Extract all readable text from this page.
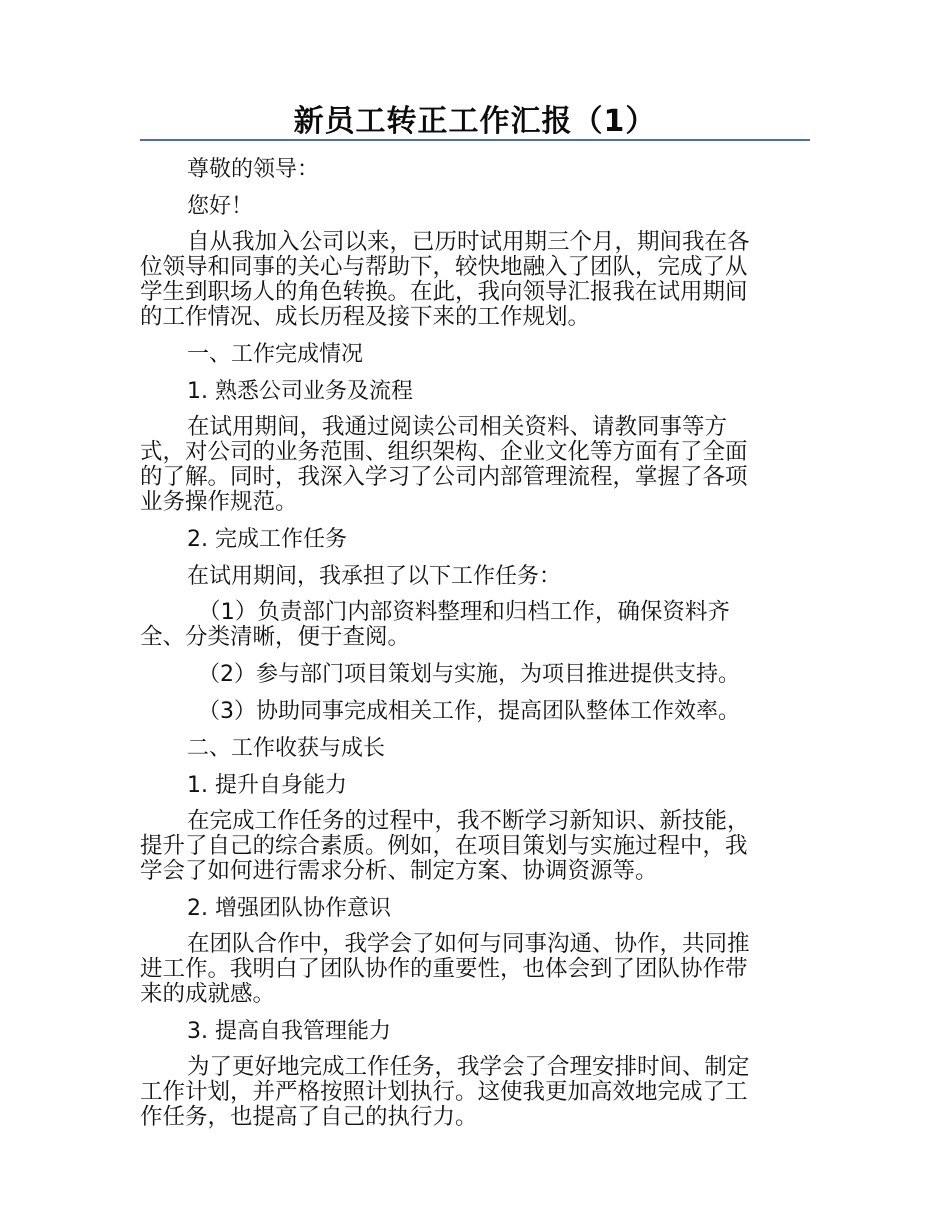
新员工转正工作汇报（1）
尊敬的领导：
您好！
自从我加入公司以来，已历时试用期三个月，期间我在各
位领导和同事的关心与帮助下，较快地融入了团队，完成了从
学生到职场人的角色转换。在此，我向领导汇报我在试用期间
的工作情况、成长历程及接下来的工作规划。
一、工作完成情况
1. 熟悉公司业务及流程
在试用期间，我通过阅读公司相关资料、请教同事等方
式，对公司的业务范围、组织架构、企业文化等方面有了全面
的了解。同时，我深入学习了公司内部管理流程，掌握了各项
业务操作规范。
2. 完成工作任务
在试用期间，我承担了以下工作任务：
（1）负责部门内部资料整理和归档工作，确保资料齐
全、分类清晰，便于查阅。
（2）参与部门项目策划与实施，为项目推进提供支持。
（3）协助同事完成相关工作，提高团队整体工作效率。
二、工作收获与成长
1. 提升自身能力
在完成工作任务的过程中，我不断学习新知识、新技能，
提升了自己的综合素质。例如，在项目策划与实施过程中，我
学会了如何进行需求分析、制定方案、协调资源等。
2. 增强团队协作意识
在团队合作中，我学会了如何与同事沟通、协作，共同推
进工作。我明白了团队协作的重要性，也体会到了团队协作带
来的成就感。
3. 提高自我管理能力
为了更好地完成工作任务，我学会了合理安排时间、制定
工作计划，并严格按照计划执行。这使我更加高效地完成了工
作任务，也提高了自己的执行力。
